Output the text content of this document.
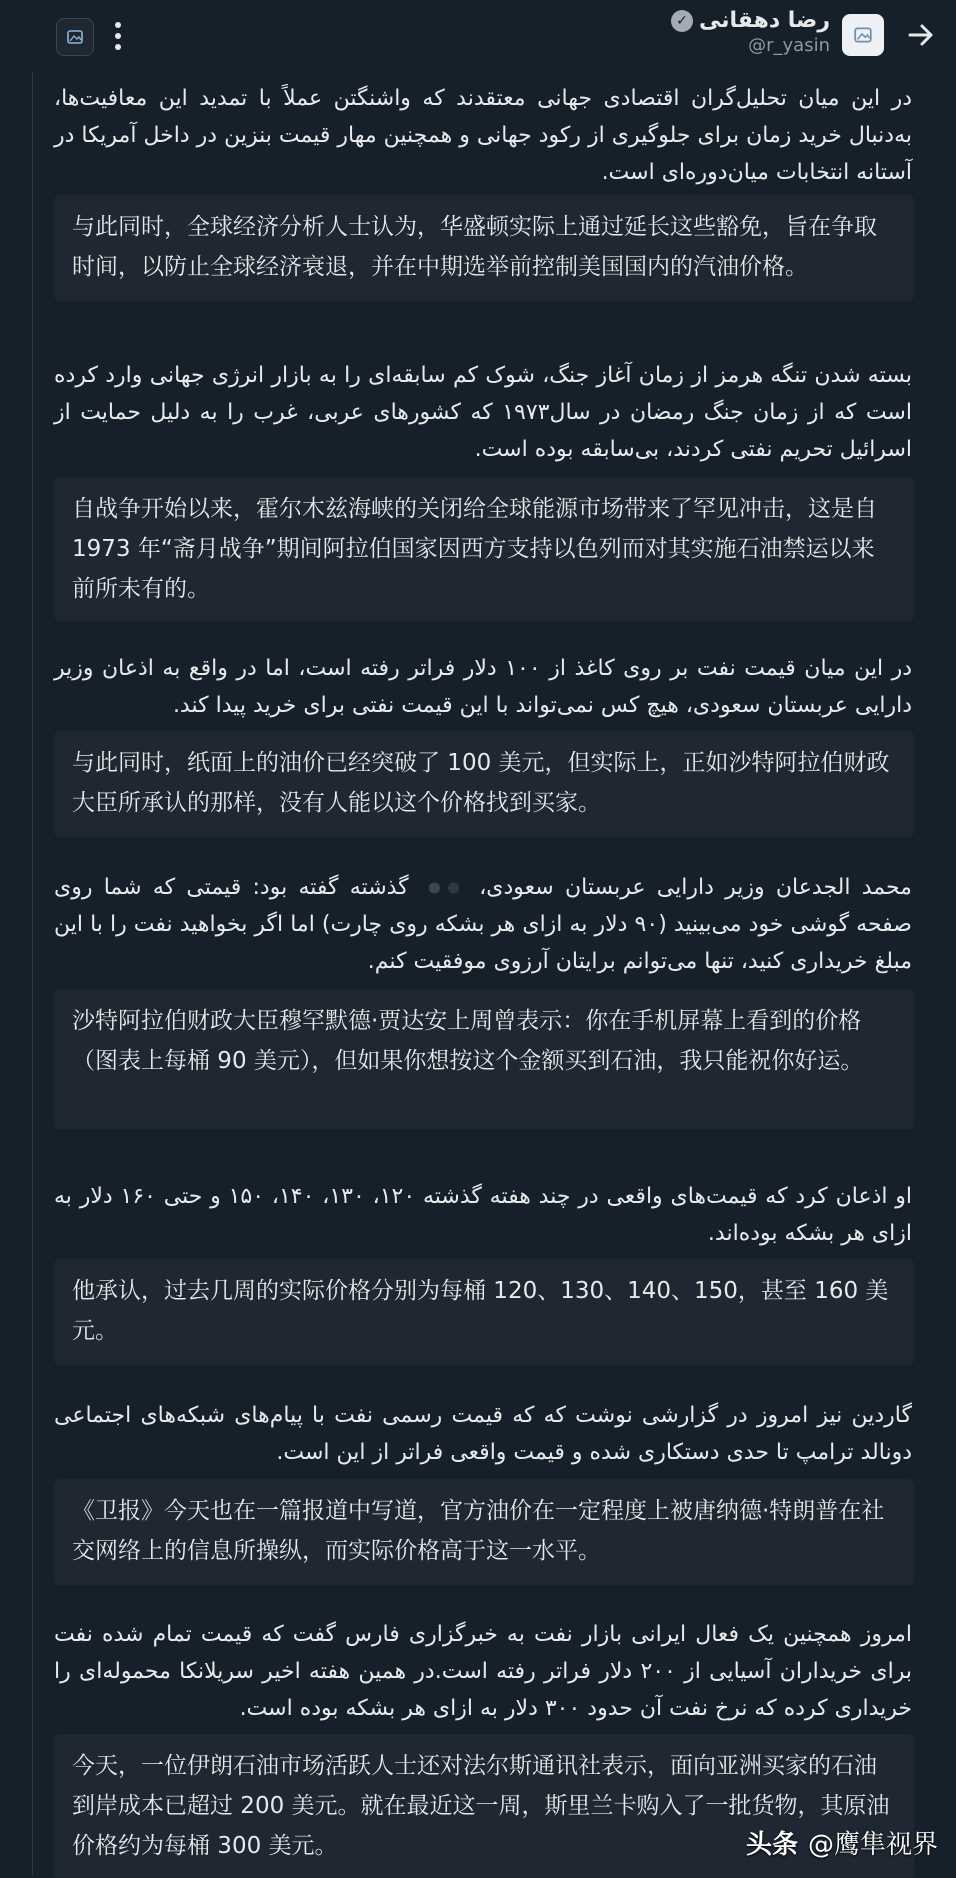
رضا دهقانی
✓
@r_yasin

در این میان تحلیل‌گران اقتصادی جهانی معتقدند که واشنگتن عملاً با تمدید این معافیت‌ها، به‌دنبال خرید زمان برای جلوگیری از رکود جهانی و همچنین مهار قیمت بنزین در داخل آمریکا در آستانه انتخابات میان‌دوره‌ای است.

与此同时，全球经济分析人士认为，华盛顿实际上通过延长这些豁免，旨在争取时间，以防止全球经济衰退，并在中期选举前控制美国国内的汽油价格。

بسته شدن تنگه هرمز از زمان آغاز جنگ، شوک کم سابقه‌ای را به بازار انرژی جهانی وارد کرده است که از زمان جنگ رمضان در سال۱۹۷۳ که کشورهای عربی، غرب را به دلیل حمایت از اسرائیل تحریم نفتی کردند، بی‌سابقه بوده است.

自战争开始以来，霍尔木兹海峡的关闭给全球能源市场带来了罕见冲击，这是自 1973 年“斋月战争”期间阿拉伯国家因西方支持以色列而对其实施石油禁运以来前所未有的。

در این میان قیمت نفت بر روی کاغذ از ۱۰۰ دلار فراتر رفته است، اما در واقع به اذعان وزیر دارایی عربستان سعودی، هیچ کس نمی‌تواند با این قیمت نفتی برای خرید پیدا کند.

与此同时，纸面上的油价已经突破了 100 美元，但实际上，正如沙特阿拉伯财政大臣所承认的那样，没有人能以这个价格找到买家。

محمد الجدعان وزیر دارایی عربستان سعودی،  گذشته گفته بود: قیمتی که شما روی صفحه گوشی خود می‌بینید (۹۰ دلار به ازای هر بشکه روی چارت) اما اگر بخواهید نفت را با این مبلغ خریداری کنید، تنها می‌توانم برایتان آرزوی موفقیت کنم.

沙特阿拉伯财政大臣穆罕默德·贾达安上周曾表示：你在手机屏幕上看到的价格（图表上每桶 90 美元），但如果你想按这个金额买到石油，我只能祝你好运。

او اذعان کرد که قیمت‌های واقعی در چند هفته گذشته ۱۲۰، ۱۳۰، ۱۴۰، ۱۵۰ و حتی ۱۶۰ دلار به ازای هر بشکه بوده‌اند.

他承认，过去几周的实际价格分别为每桶 120、130、140、150，甚至 160 美元。

گاردین نیز امروز در گزارشی نوشت که که قیمت رسمی نفت با پیام‌های شبکه‌های اجتماعی دونالد ترامپ تا حدی دستکاری شده و قیمت واقعی فراتر از این است.

《卫报》今天也在一篇报道中写道，官方油价在一定程度上被唐纳德·特朗普在社交网络上的信息所操纵，而实际价格高于这一水平。

امروز همچنین یک فعال ایرانی بازار نفت به خبرگزاری فارس گفت که قیمت تمام شده نفت برای خریداران آسیایی از ۲۰۰ دلار فراتر رفته است.در همین هفته اخیر سریلانکا محموله‌ای را خریداری کرده که نرخ نفت آن حدود ۳۰۰ دلار به ازای هر بشکه بوده است.

今天，一位伊朗石油市场活跃人士还对法尔斯通讯社表示，面向亚洲买家的石油到岸成本已超过 200 美元。就在最近这一周，斯里兰卡购入了一批货物，其原油价格约为每桶 300 美元。	头条 @鹰隼视界
